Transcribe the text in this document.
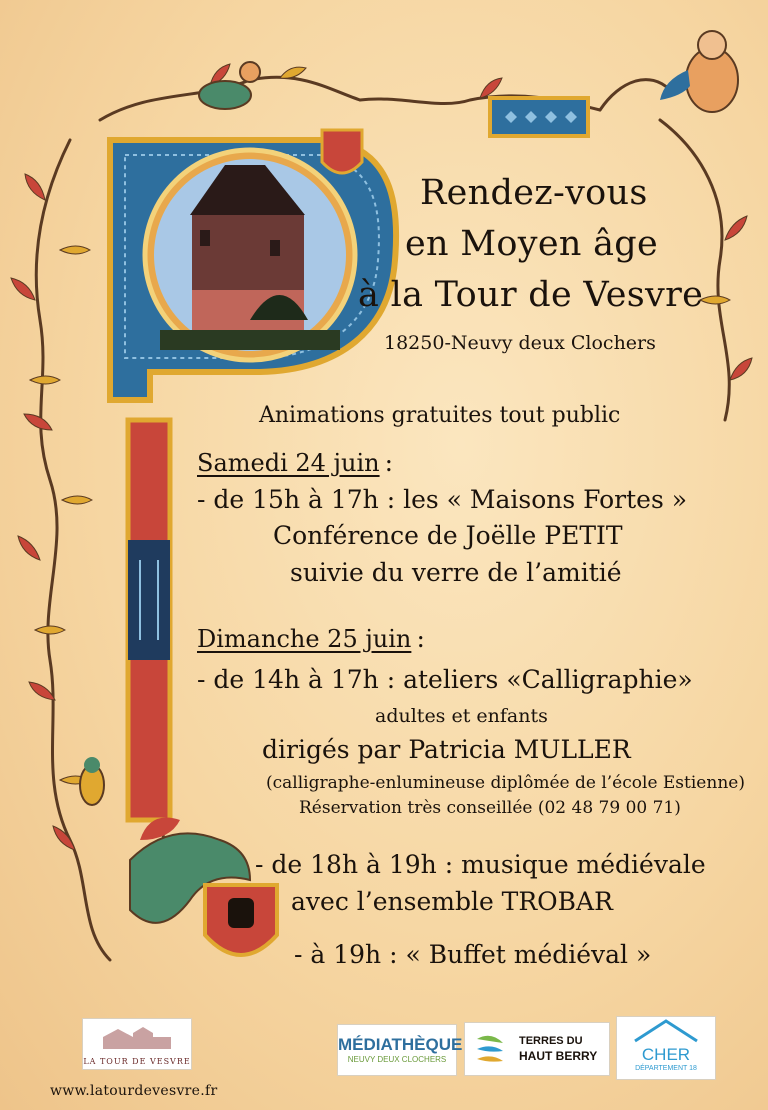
Rendez-vous
en Moyen âge
à la Tour de Vesvre
18250-Neuvy deux Clochers
Animations gratuites tout public
Samedi 24 juin :
- de 15h à 17h : les « Maisons Fortes »
Conférence de Joëlle PETIT
suivie du verre de l’amitié
Dimanche 25 juin :
- de 14h à 17h : ateliers «Calligraphie»
adultes et enfants
dirigés par Patricia MULLER
(calligraphe-enlumineuse diplômée de l’école Estienne)
Réservation très conseillée (02 48 79 00 71)
- de 18h à 19h : musique médiévale
avec l’ensemble TROBAR
- à 19h : « Buffet médiéval »
LA TOUR DE VESVRE
MÉDIATHÈQUE
NEUVY DEUX CLOCHERS
TERRES DU
HAUT BERRY	CHER
DÉPARTEMENT 18
www.latourdevesvre.fr
